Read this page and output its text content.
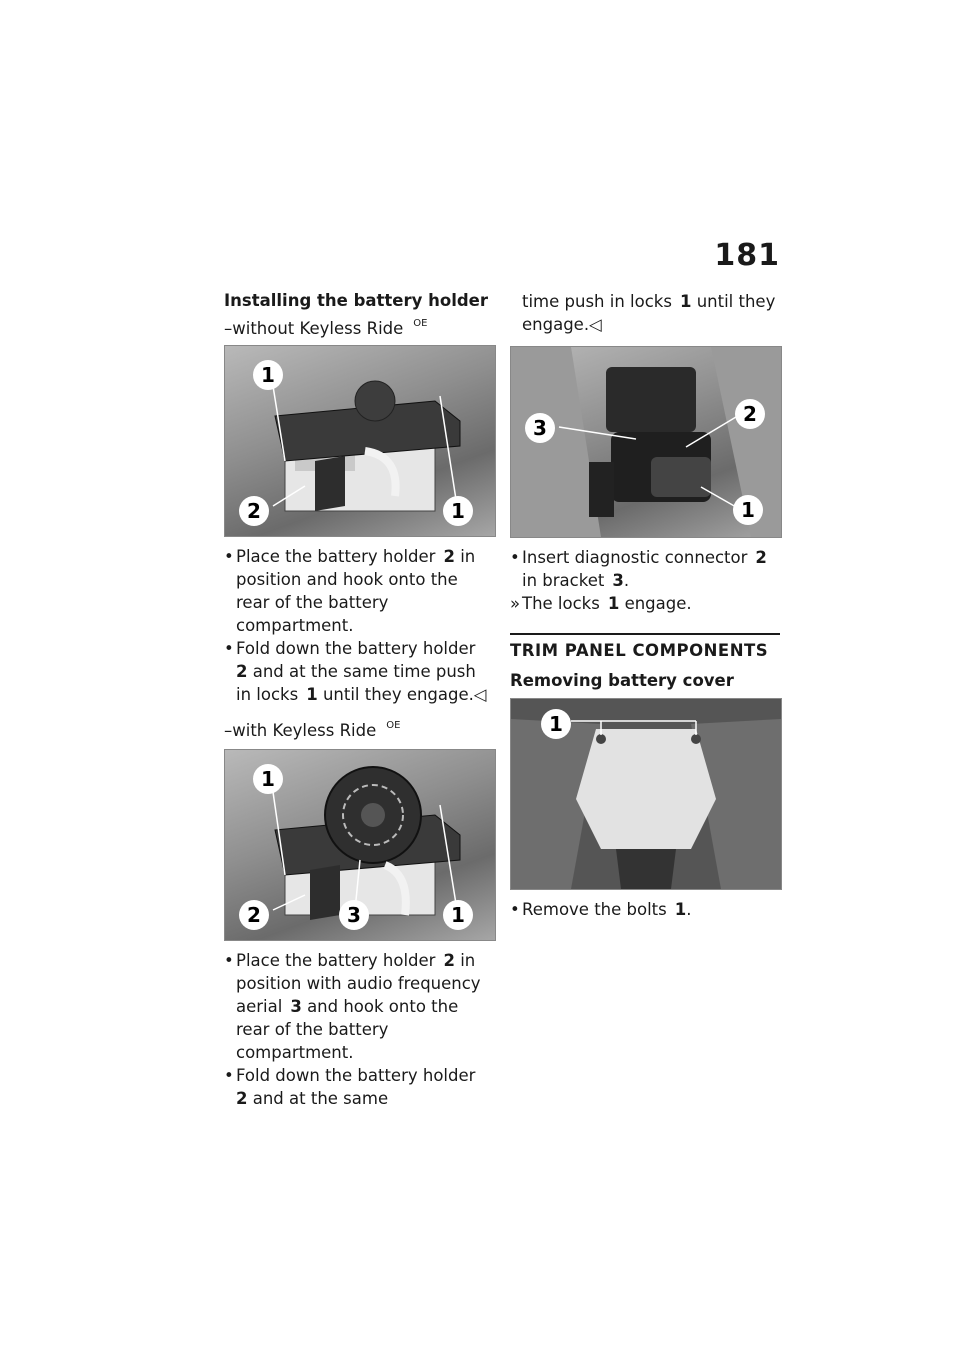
181

Installing the battery holder

–without Keyless Ride $^{OE}$

1
2	1

• Place the battery holder 2 in position and hook onto the rear of the battery compartment.

• Fold down the battery holder2 and at the same time push in locks 1 until they engage.◁

–with Keyless Ride $^{OE}$

1
2	3	1

• Place the battery holder 2 in position with audio frequency aerial 3 and hook onto the rear of the battery compartment.

• Fold down the battery holder2 and at the same

time push in locks 1 until they engage.◁

3
2
1

• Insert diagnostic connector 2 in bracket 3.

» The locks 1 engage.

TRIM PANEL COMPONENTS

Removing battery cover

1

• Remove the bolts 1.
